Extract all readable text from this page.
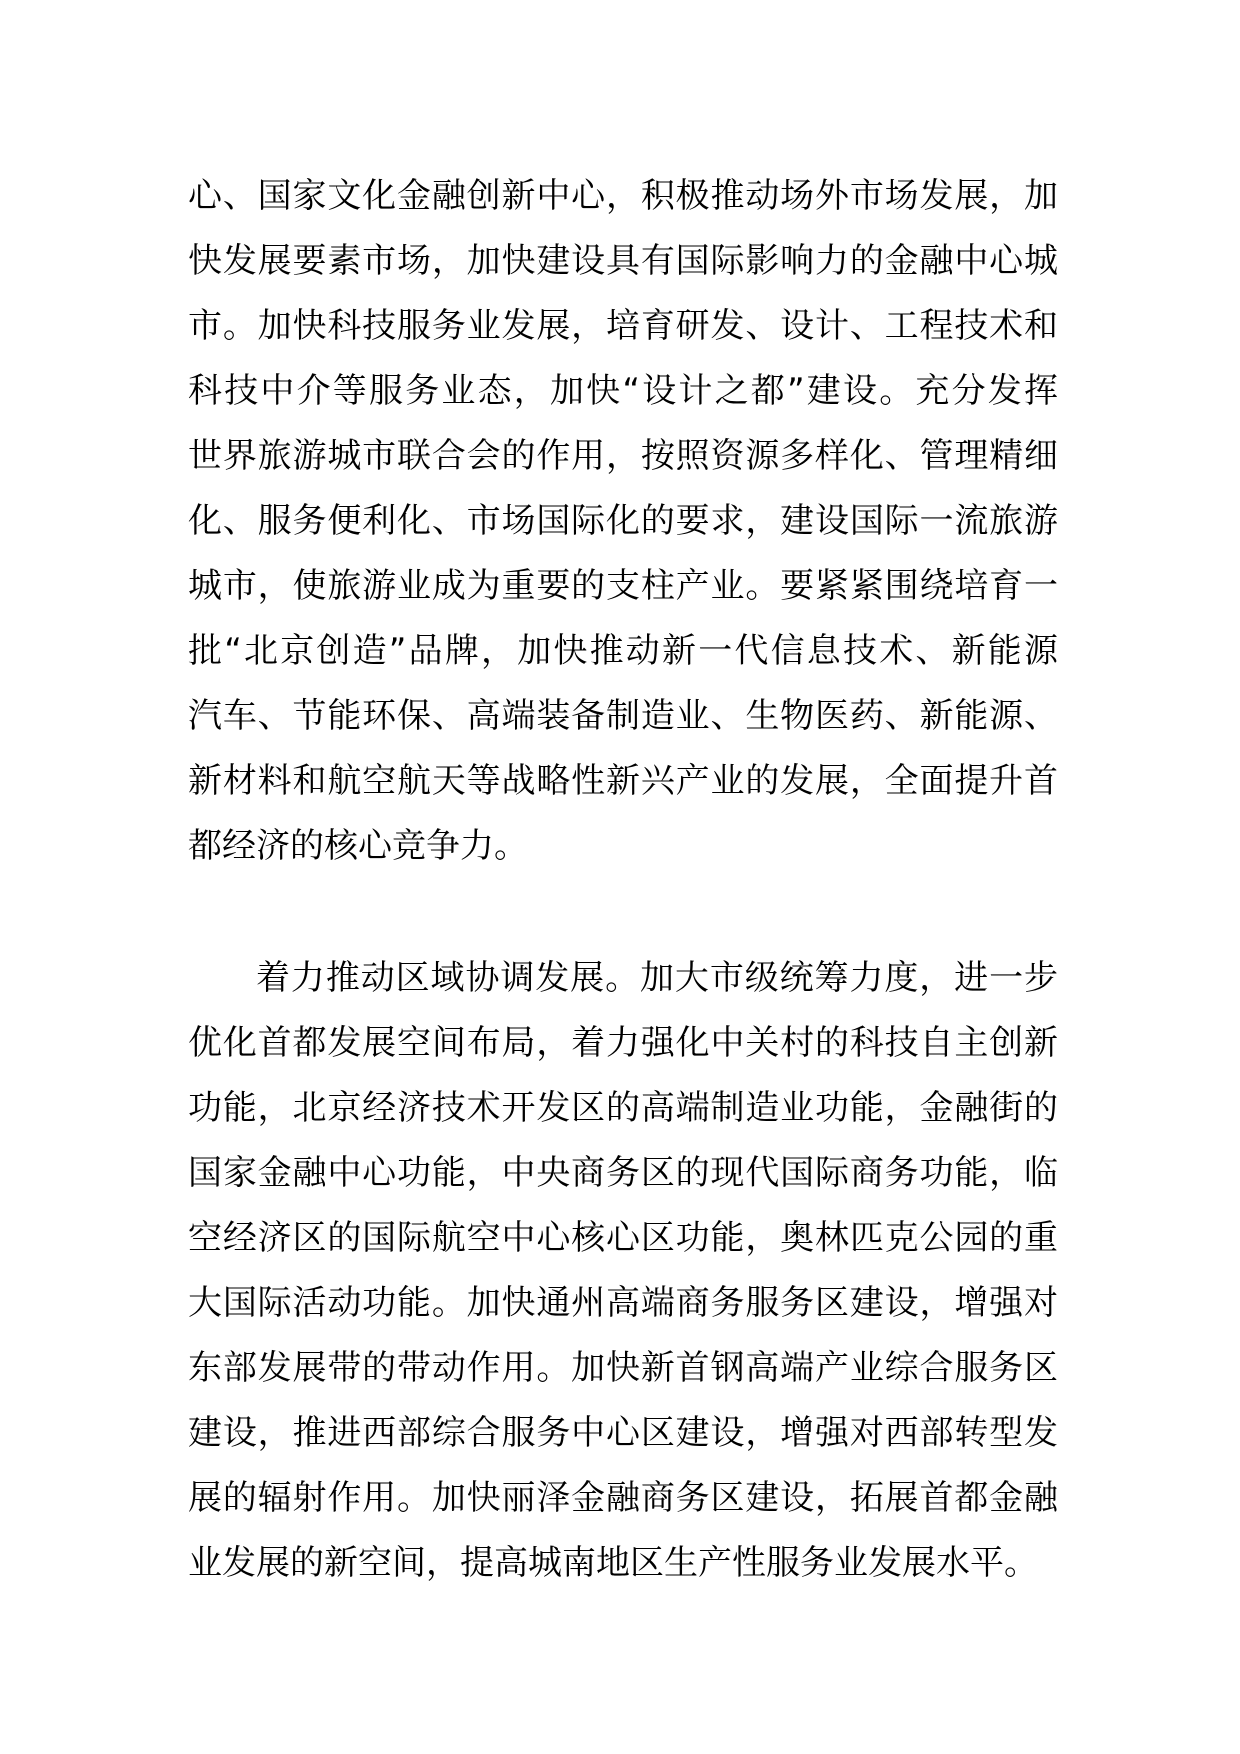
心、国家文化金融创新中心，积极推动场外市场发展，加
快发展要素市场，加快建设具有国际影响力的金融中心城
市。加快科技服务业发展，培育研发、设计、工程技术和
科技中介等服务业态，加快“设计之都”建设。充分发挥
世界旅游城市联合会的作用，按照资源多样化、管理精细
化、服务便利化、市场国际化的要求，建设国际一流旅游
城市，使旅游业成为重要的支柱产业。要紧紧围绕培育一
批“北京创造”品牌，加快推动新一代信息技术、新能源
汽车、节能环保、高端装备制造业、生物医药、新能源、
新材料和航空航天等战略性新兴产业的发展，全面提升首
都经济的核心竞争力。
着力推动区域协调发展。加大市级统筹力度，进一步
优化首都发展空间布局，着力强化中关村的科技自主创新
功能，北京经济技术开发区的高端制造业功能，金融街的
国家金融中心功能，中央商务区的现代国际商务功能，临
空经济区的国际航空中心核心区功能，奥林匹克公园的重
大国际活动功能。加快通州高端商务服务区建设，增强对
东部发展带的带动作用。加快新首钢高端产业综合服务区
建设，推进西部综合服务中心区建设，增强对西部转型发
展的辐射作用。加快丽泽金融商务区建设，拓展首都金融
业发展的新空间，提高城南地区生产性服务业发展水平。
